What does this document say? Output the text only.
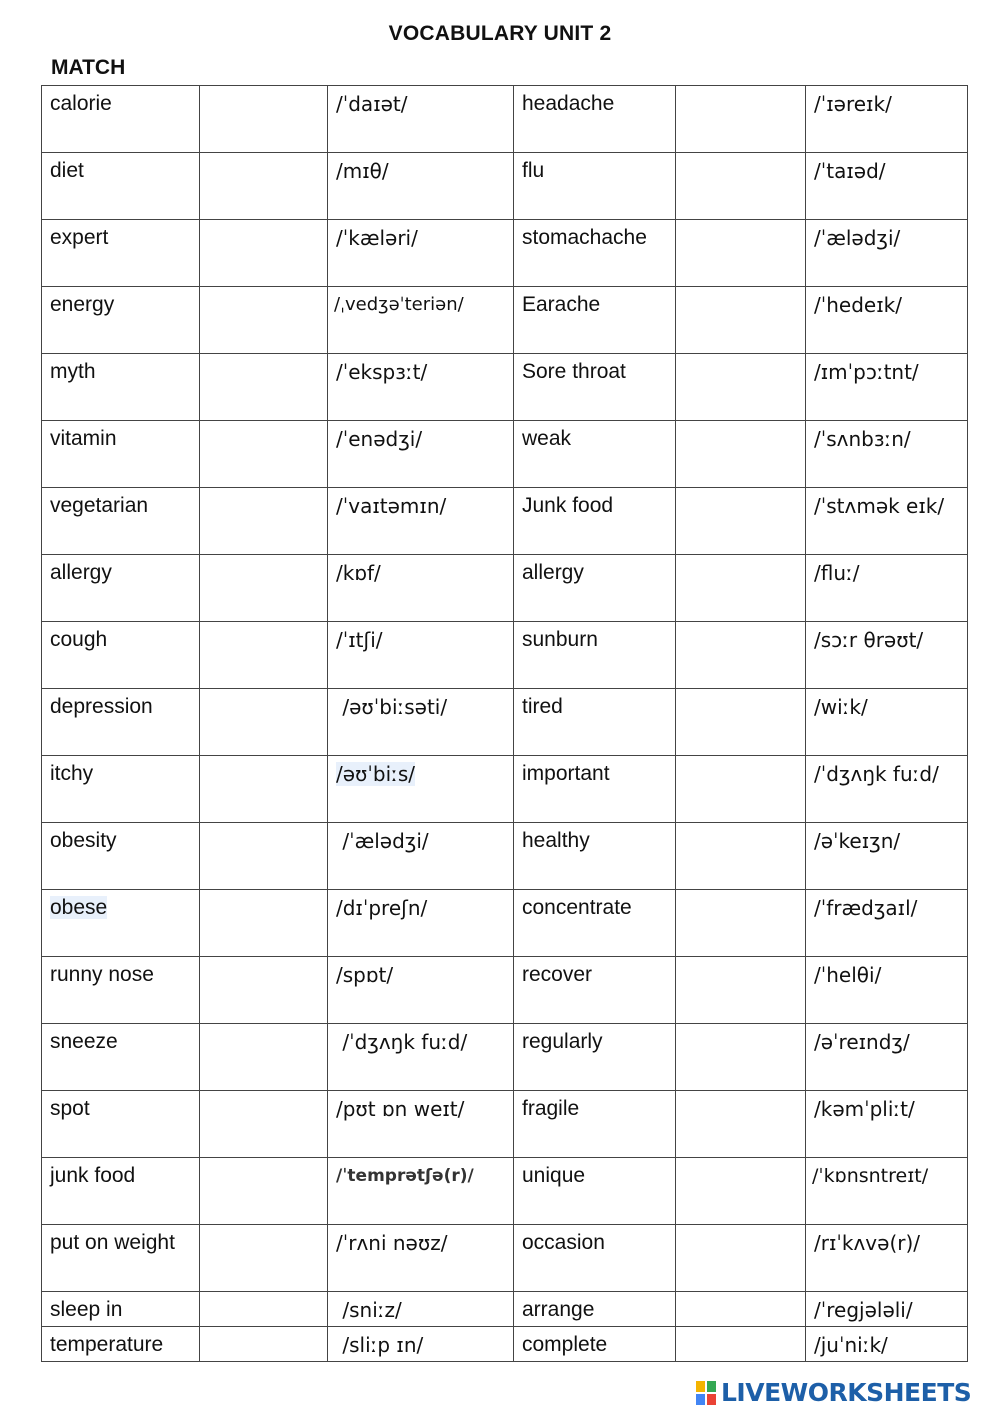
VOCABULARY UNIT 2
MATCH
calorie		/ˈdaɪət/	headache		/ˈɪəreɪk/
diet		/mɪθ/	flu		/ˈtaɪəd/
expert		/ˈkæləri/	stomachache		/ˈælədʒi/
energy		/ˌvedʒəˈteriən/	Earache		/ˈhedeɪk/
myth		/ˈekspɜːt/	Sore throat		/ɪmˈpɔːtnt/
vitamin		/ˈenədʒi/	weak		/ˈsʌnbɜːn/
vegetarian		/ˈvaɪtəmɪn/	Junk food		/ˈstʌmək eɪk/
allergy		/kɒf/	allergy		/fluː/
cough		/ˈɪtʃi/	sunburn		/sɔːr θrəʊt/
depression		/əʊˈbiːsəti/	tired		/wiːk/
itchy		/əʊˈbiːs/	important		/ˈdʒʌŋk fuːd/
obesity		/ˈælədʒi/	healthy		/əˈkeɪʒn/
obese		/dɪˈpreʃn/	concentrate		/ˈfrædʒaɪl/
runny nose		/spɒt/	recover		/ˈhelθi/
sneeze		/ˈdʒʌŋk fuːd/	regularly		/əˈreɪndʒ/
spot		/pʊt ɒn weɪt/	fragile		/kəmˈpliːt/
junk food		/ˈtemprətʃə(r)/	unique		/ˈkɒnsntreɪt/
put on weight		/ˈrʌni nəʊz/	occasion		/rɪˈkʌvə(r)/
sleep in		/sniːz/	arrange		/ˈregjələli/
temperature		/sliːp ɪn/	complete		/juˈniːk/
LIVEWORKSHEETS
